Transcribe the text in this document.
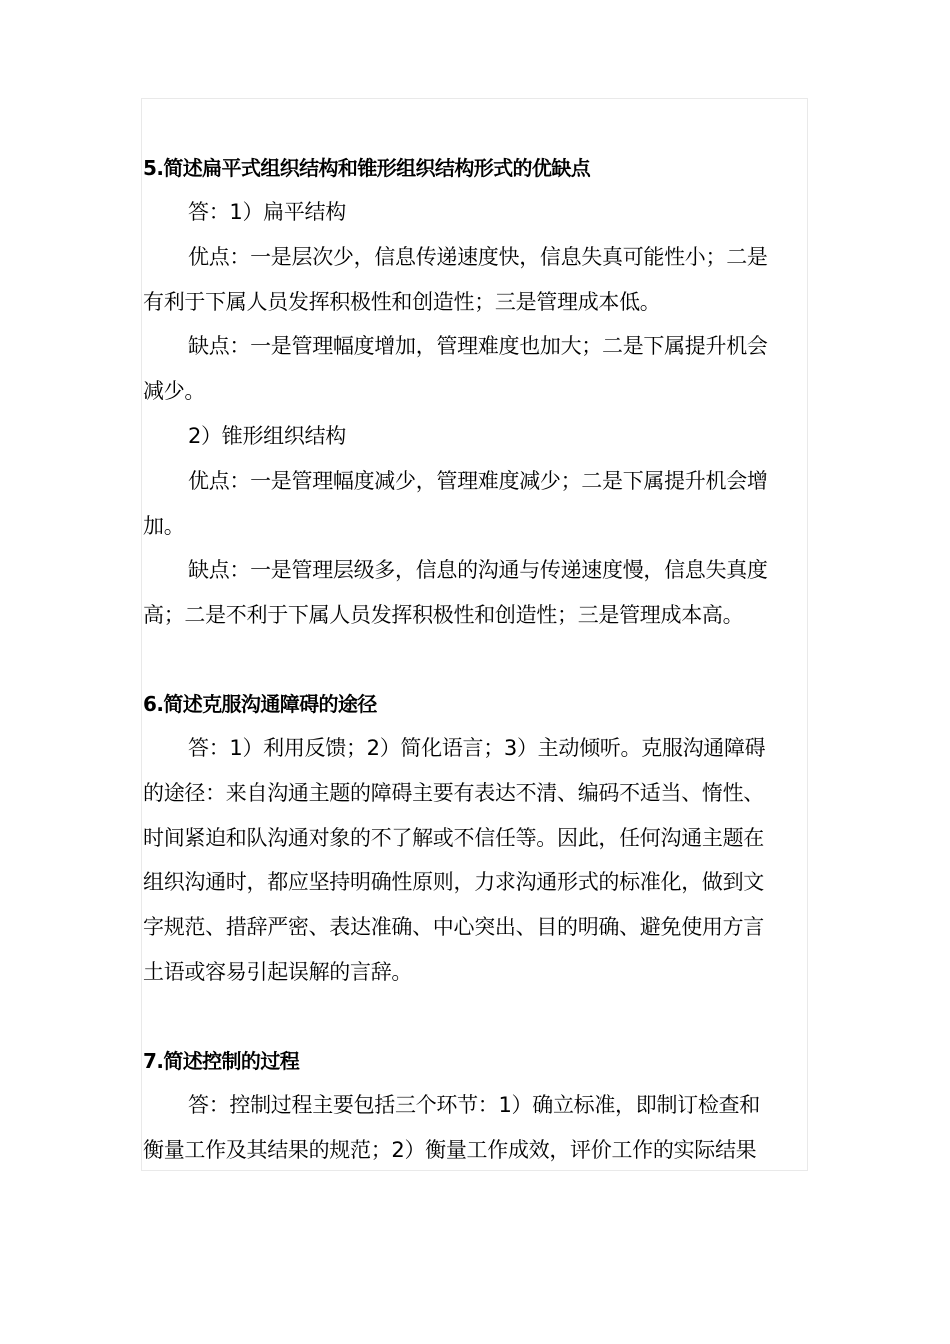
5.简述扁平式组织结构和锥形组织结构形式的优缺点

答：1）扁平结构

优点：一是层次少，信息传递速度快，信息失真可能性小；二是
有利于下属人员发挥积极性和创造性；三是管理成本低。

缺点：一是管理幅度增加，管理难度也加大；二是下属提升机会
减少。

2）锥形组织结构

优点：一是管理幅度减少，管理难度减少；二是下属提升机会增
加。

缺点：一是管理层级多，信息的沟通与传递速度慢，信息失真度
高；二是不利于下属人员发挥积极性和创造性；三是管理成本高。

6.简述克服沟通障碍的途径

答：1）利用反馈；2）简化语言；3）主动倾听。克服沟通障碍
的途径：来自沟通主题的障碍主要有表达不清、编码不适当、惰性、
时间紧迫和队沟通对象的不了解或不信任等。因此，任何沟通主题在
组织沟通时，都应坚持明确性原则，力求沟通形式的标准化，做到文
字规范、措辞严密、表达准确、中心突出、目的明确、避免使用方言
土语或容易引起误解的言辞。

7.简述控制的过程

答：控制过程主要包括三个环节：1）确立标准，即制订检查和
衡量工作及其结果的规范；2）衡量工作成效，评价工作的实际结果
